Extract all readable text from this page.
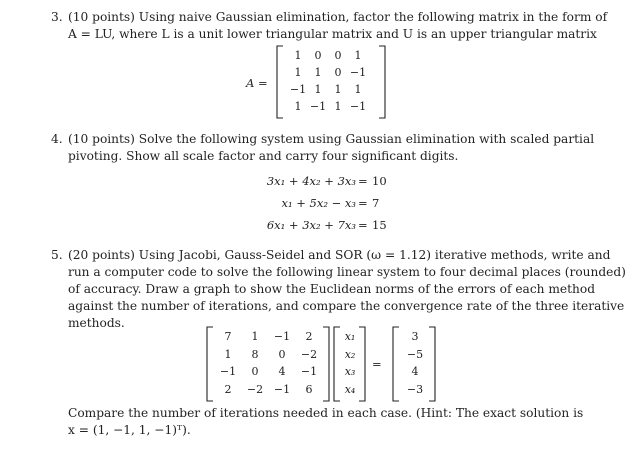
3. (10 points) Using naive Gaussian elimination, factor the following matrix in the form of
A = LU, where L is a unit lower triangular matrix and U is an upper triangular matrix
A =
1	0	0	1
1	1	0 −1
−1 1	1	1
1 −1 1 −1
4. (10 points) Solve the following system using Gaussian elimination with scaled partial
pivoting. Show all scale factor and carry four significant digits.
3x₁ + 4x₂ + 3x₃ = 10
x₁ + 5x₂ − x₃ = 7
6x₁ + 3x₂ + 7x₃ = 15
5. (20 points) Using Jacobi, Gauss-Seidel and SOR (ω = 1.12) iterative methods, write and
run a computer code to solve the following linear system to four decimal places (rounded)
of accuracy. Draw a graph to show the Euclidean norms of the errors of each method
against the number of iterations, and compare the convergence rate of the three iterative
methods.
7	1	−1	2
1	8	0	−2
−1	0	4	−1
2	−2 −1	6
x₁
x₂
x₃
x₄
=
3
−5
4
−3
Compare the number of iterations needed in each case. (Hint: The exact solution is
x = (1, −1, 1, −1)ᵀ).
